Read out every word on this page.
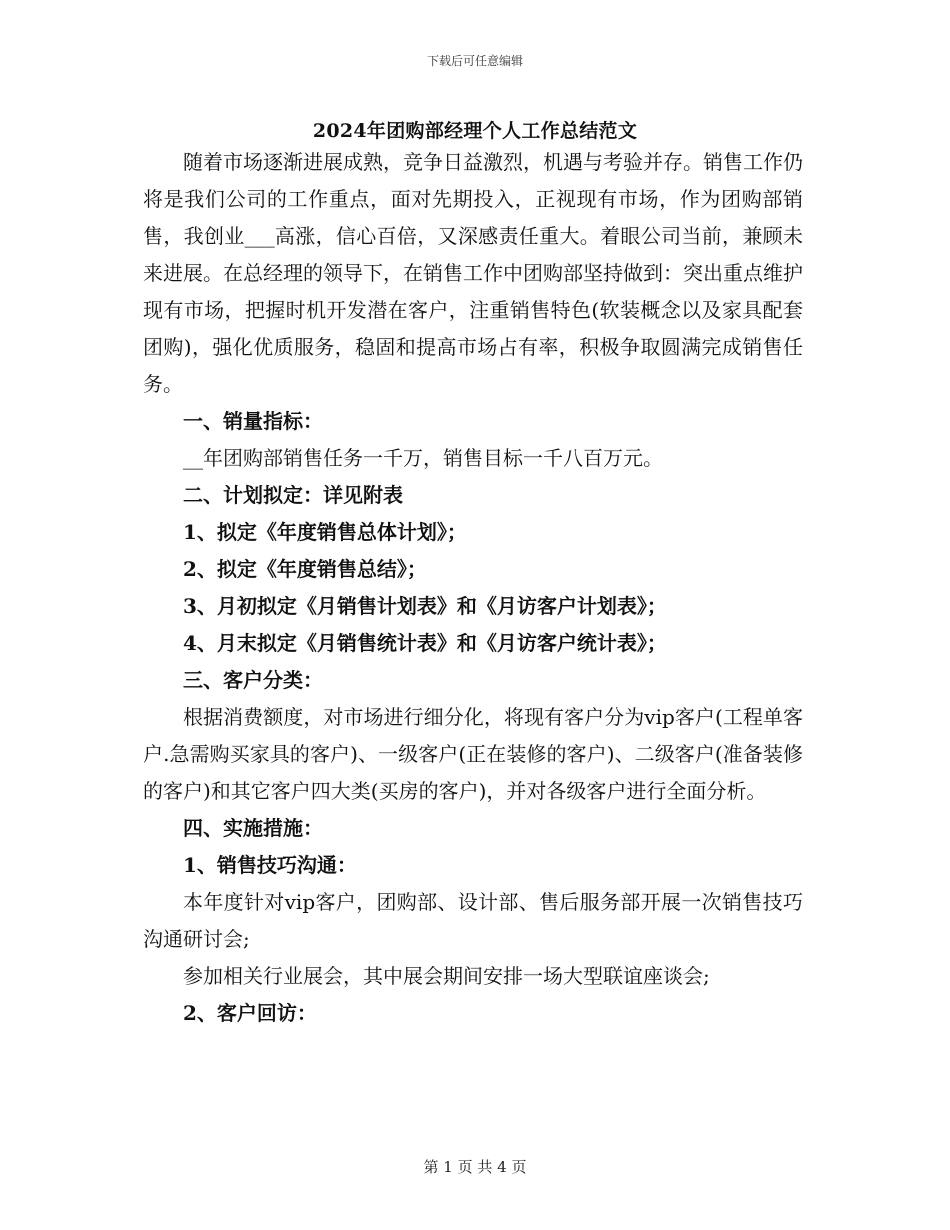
下载后可任意编辑
2024年团购部经理个人工作总结范文

随着市场逐渐进展成熟，竞争日益激烈，机遇与考验并存。销售工作仍将是我们公司的工作重点，面对先期投入，正视现有市场，作为团购部销售，我创业___高涨，信心百倍，又深感责任重大。着眼公司当前，兼顾未来进展。在总经理的领导下，在销售工作中团购部坚持做到：突出重点维护现有市场，把握时机开发潜在客户，注重销售特色(软装概念以及家具配套团购)，强化优质服务，稳固和提高市场占有率，积极争取圆满完成销售任务。

一、销量指标：

__年团购部销售任务一千万，销售目标一千八百万元。

二、计划拟定：详见附表

1、拟定《年度销售总体计划》；

2、拟定《年度销售总结》；

3、月初拟定《月销售计划表》和《月访客户计划表》；

4、月末拟定《月销售统计表》和《月访客户统计表》；

三、客户分类：

根据消费额度，对市场进行细分化，将现有客户分为vip客户(工程单客户.急需购买家具的客户)、一级客户(正在装修的客户)、二级客户(准备装修的客户)和其它客户四大类(买房的客户)，并对各级客户进行全面分析。

四、实施措施：

1、销售技巧沟通：

本年度针对vip客户，团购部、设计部、售后服务部开展一次销售技巧沟通研讨会;

参加相关行业展会，其中展会期间安排一场大型联谊座谈会;

2、客户回访：

第 1 页 共 4 页
